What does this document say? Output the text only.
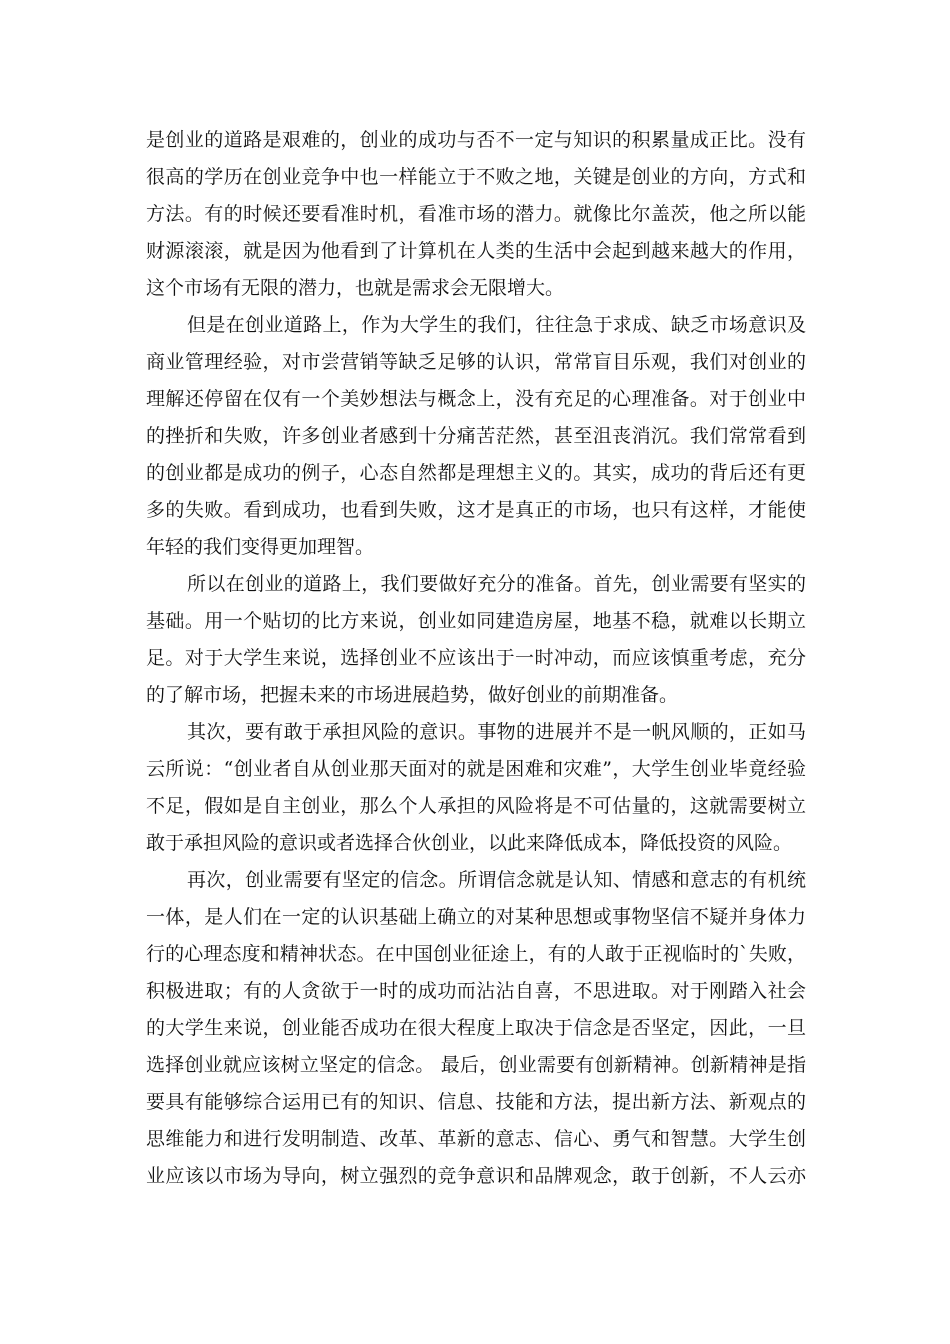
是创业的道路是艰难的，创业的成功与否不一定与知识的积累量成正比。没有
很高的学历在创业竞争中也一样能立于不败之地，关键是创业的方向，方式和
方法。有的时候还要看准时机，看准市场的潜力。就像比尔盖茨，他之所以能
财源滚滚，就是因为他看到了计算机在人类的生活中会起到越来越大的作用，
这个市场有无限的潜力，也就是需求会无限增大。
但是在创业道路上，作为大学生的我们，往往急于求成、缺乏市场意识及
商业管理经验，对市尝营销等缺乏足够的认识，常常盲目乐观，我们对创业的
理解还停留在仅有一个美妙想法与概念上，没有充足的心理准备。对于创业中
的挫折和失败，许多创业者感到十分痛苦茫然，甚至沮丧消沉。我们常常看到
的创业都是成功的例子，心态自然都是理想主义的。其实，成功的背后还有更
多的失败。看到成功，也看到失败，这才是真正的市场，也只有这样，才能使
年轻的我们变得更加理智。
所以在创业的道路上，我们要做好充分的准备。首先，创业需要有坚实的
基础。用一个贴切的比方来说，创业如同建造房屋，地基不稳，就难以长期立
足。对于大学生来说，选择创业不应该出于一时冲动，而应该慎重考虑，充分
的了解市场，把握未来的市场进展趋势，做好创业的前期准备。
其次，要有敢于承担风险的意识。事物的进展并不是一帆风顺的，正如马
云所说：“创业者自从创业那天面对的就是困难和灾难”，大学生创业毕竟经验
不足，假如是自主创业，那么个人承担的风险将是不可估量的，这就需要树立
敢于承担风险的意识或者选择合伙创业，以此来降低成本，降低投资的风险。
再次，创业需要有坚定的信念。所谓信念就是认知、情感和意志的有机统
一体，是人们在一定的认识基础上确立的对某种思想或事物坚信不疑并身体力
行的心理态度和精神状态。在中国创业征途上，有的人敢于正视临时的`失败，
积极进取；有的人贪欲于一时的成功而沾沾自喜，不思进取。对于刚踏入社会
的大学生来说，创业能否成功在很大程度上取决于信念是否坚定，因此，一旦
选择创业就应该树立坚定的信念。 最后，创业需要有创新精神。创新精神是指
要具有能够综合运用已有的知识、信息、技能和方法，提出新方法、新观点的
思维能力和进行发明制造、改革、革新的意志、信心、勇气和智慧。大学生创
业应该以市场为导向，树立强烈的竞争意识和品牌观念，敢于创新，不人云亦
